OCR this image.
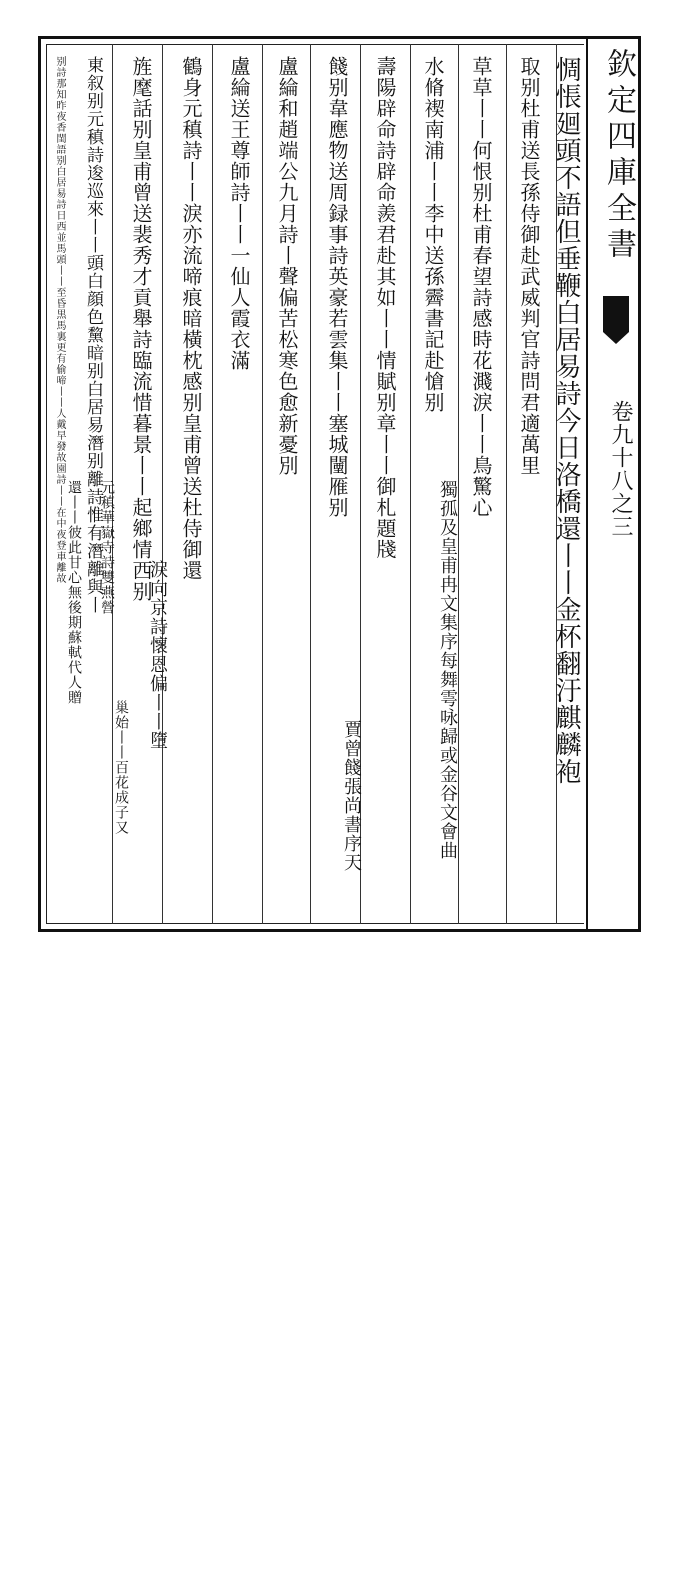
欽定四庫全書
卷九十八之三
惆悵廻頭不語但垂鞭白居易詩今日洛橋還丨丨金杯翻汙麒麟袍
取别杜甫送長孫侍御赴武威判官詩問君適萬里
草草丨丨何恨别杜甫春望詩感時花濺淚丨丨鳥驚心
獨孤及皇甫冉文集序每舞雩咏歸或金谷文會曲
水脩禊南浦丨丨李中送孫霽書記赴愴别
壽陽辟命詩辟命羨君赴其如丨丨情賦别章丨丨御札題牋
賈曾餞張尚書序天
餞别韋應物送周録事詩英豪若雲集丨丨塞城闉雁别
盧綸和趙端公九月詩丨聲偏苦松寒色愈新憂別
盧綸送王尊師詩丨丨一仙人霞衣滿
鶴身元稹詩丨丨淚亦流啼痕暗橫枕感别皇甫曾送杜侍御還
淚向京詩懷恩偏丨丨墮
旌麾話别皇甫曾送裴秀才貢舉詩臨流惜暮景丨丨起鄉情西别
巢始丨丨百花成子又
元稹華嶽寺詩雙燕營
東叙别元稹詩逡巡來丨丨頭白顔色黧暗别白居易潛别離詩惟有潛離與丨
還丨丨彼此甘心無後期蘇軾代人贈
别詩那知昨夜香閨語别白居易詩日西並馬頭丨丨至昏黒馬裏更有偷啼丨丨人戴早發故園詩丨丨在中夜登車離故
